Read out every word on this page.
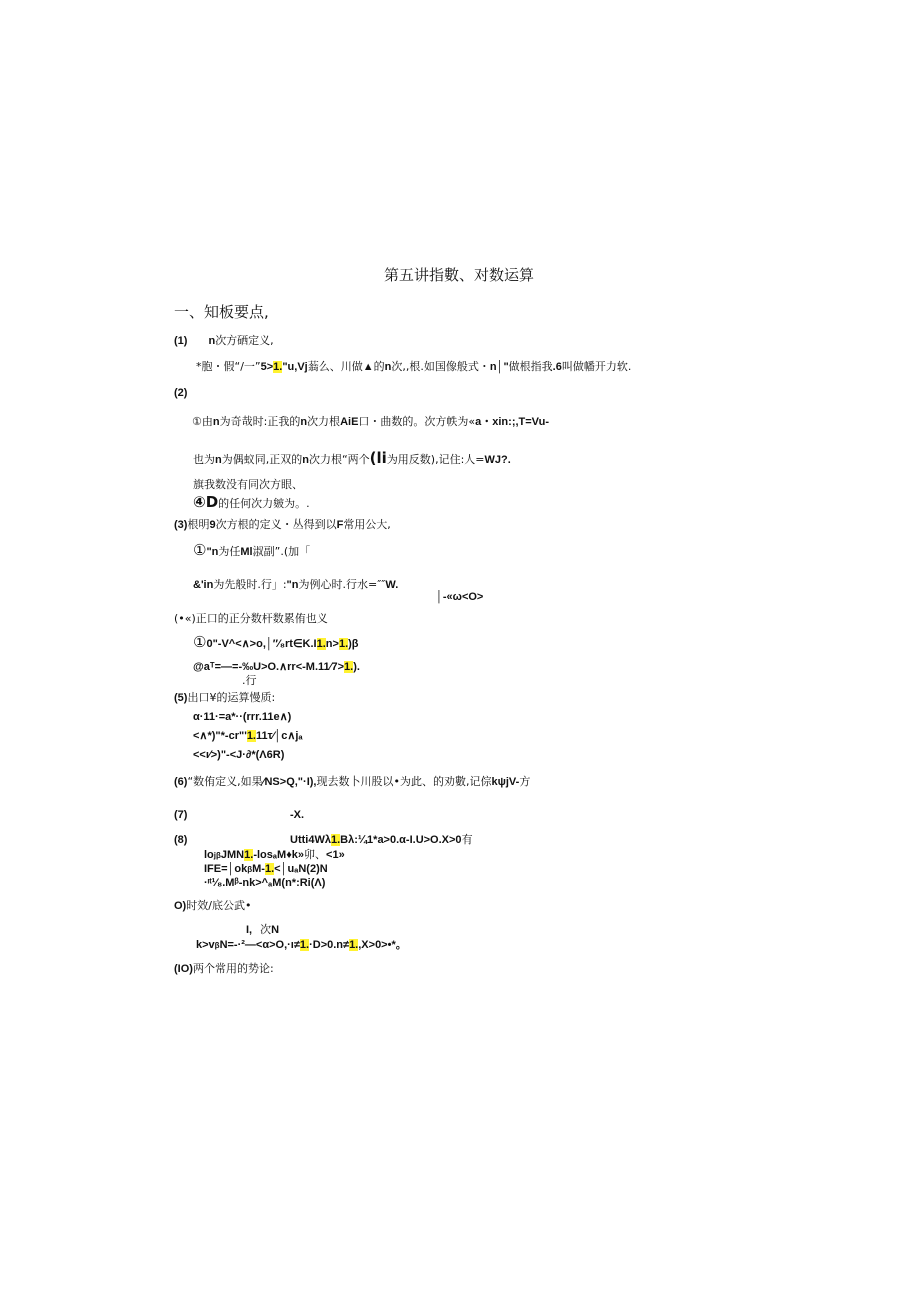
第五讲指數、对数运算
一、知板要点,
(1) n次方硒定义,
*胞・假“/一”5>1."u,Vj蓊么、川做▲的n次,,根.如国像般式・n│"做根指我.6叫做幡开力软.
(2)
①由n为奇哉时:正我的n次力根AiE口・曲数的。次方帙为«a・xin:;,T=Vu-
也为n为偶蚁同,正双的n次力根“两个(li为用反数),记住:人=WJ?.
旗我数没有同次方眼、
④D的任何次力皴为。.
(3)根明9次方根的定义・丛得到以F常用公大,
①"n为任Ml淑副”.(加「
&'in为先般时.行」:"n为例心时.行水=″″W.
│-«ω<O>
(•«)正口的正分数杆数累侑也义
①0"-V^<∧>o,│″⁄₈rt∈K.I1.n>1.)β
@aᵀ=—=-‰U>O.∧rr<-M.11⁄7>1.).
.行
(5)出口¥的运算慢质:
α·11·=a*··(rrr.11e∧)
<∧*)"*-cr"'1.11τ⁄│c∧jₐ
<<ı∕>)"-<J·∂*(Λ6R)
(6)“数侑定义,如果⁄NS>Q,"·I),现去数卜川股以•为此、的劝數,记倧kψjV-方
(7)	-X.
(8)	Utti4Wλ1.Bλ:¼1*a>0.α-I.U>O.X>0有
lojβJMN1.-losₐM♦k»卯、<1»
IFE=│okβM-1.<│uₐN(2)N
·ᶦᵗ¹⁄₈.Mᵝ-nk>^ₐM(n*:Ri(Λ)
O)时效/底公武•
I, 次N
k>vβN=-·²—<α>O,·ı≠1.·D>0.n≠1.,X>0>•*。
(IO)两个常用的势论:
